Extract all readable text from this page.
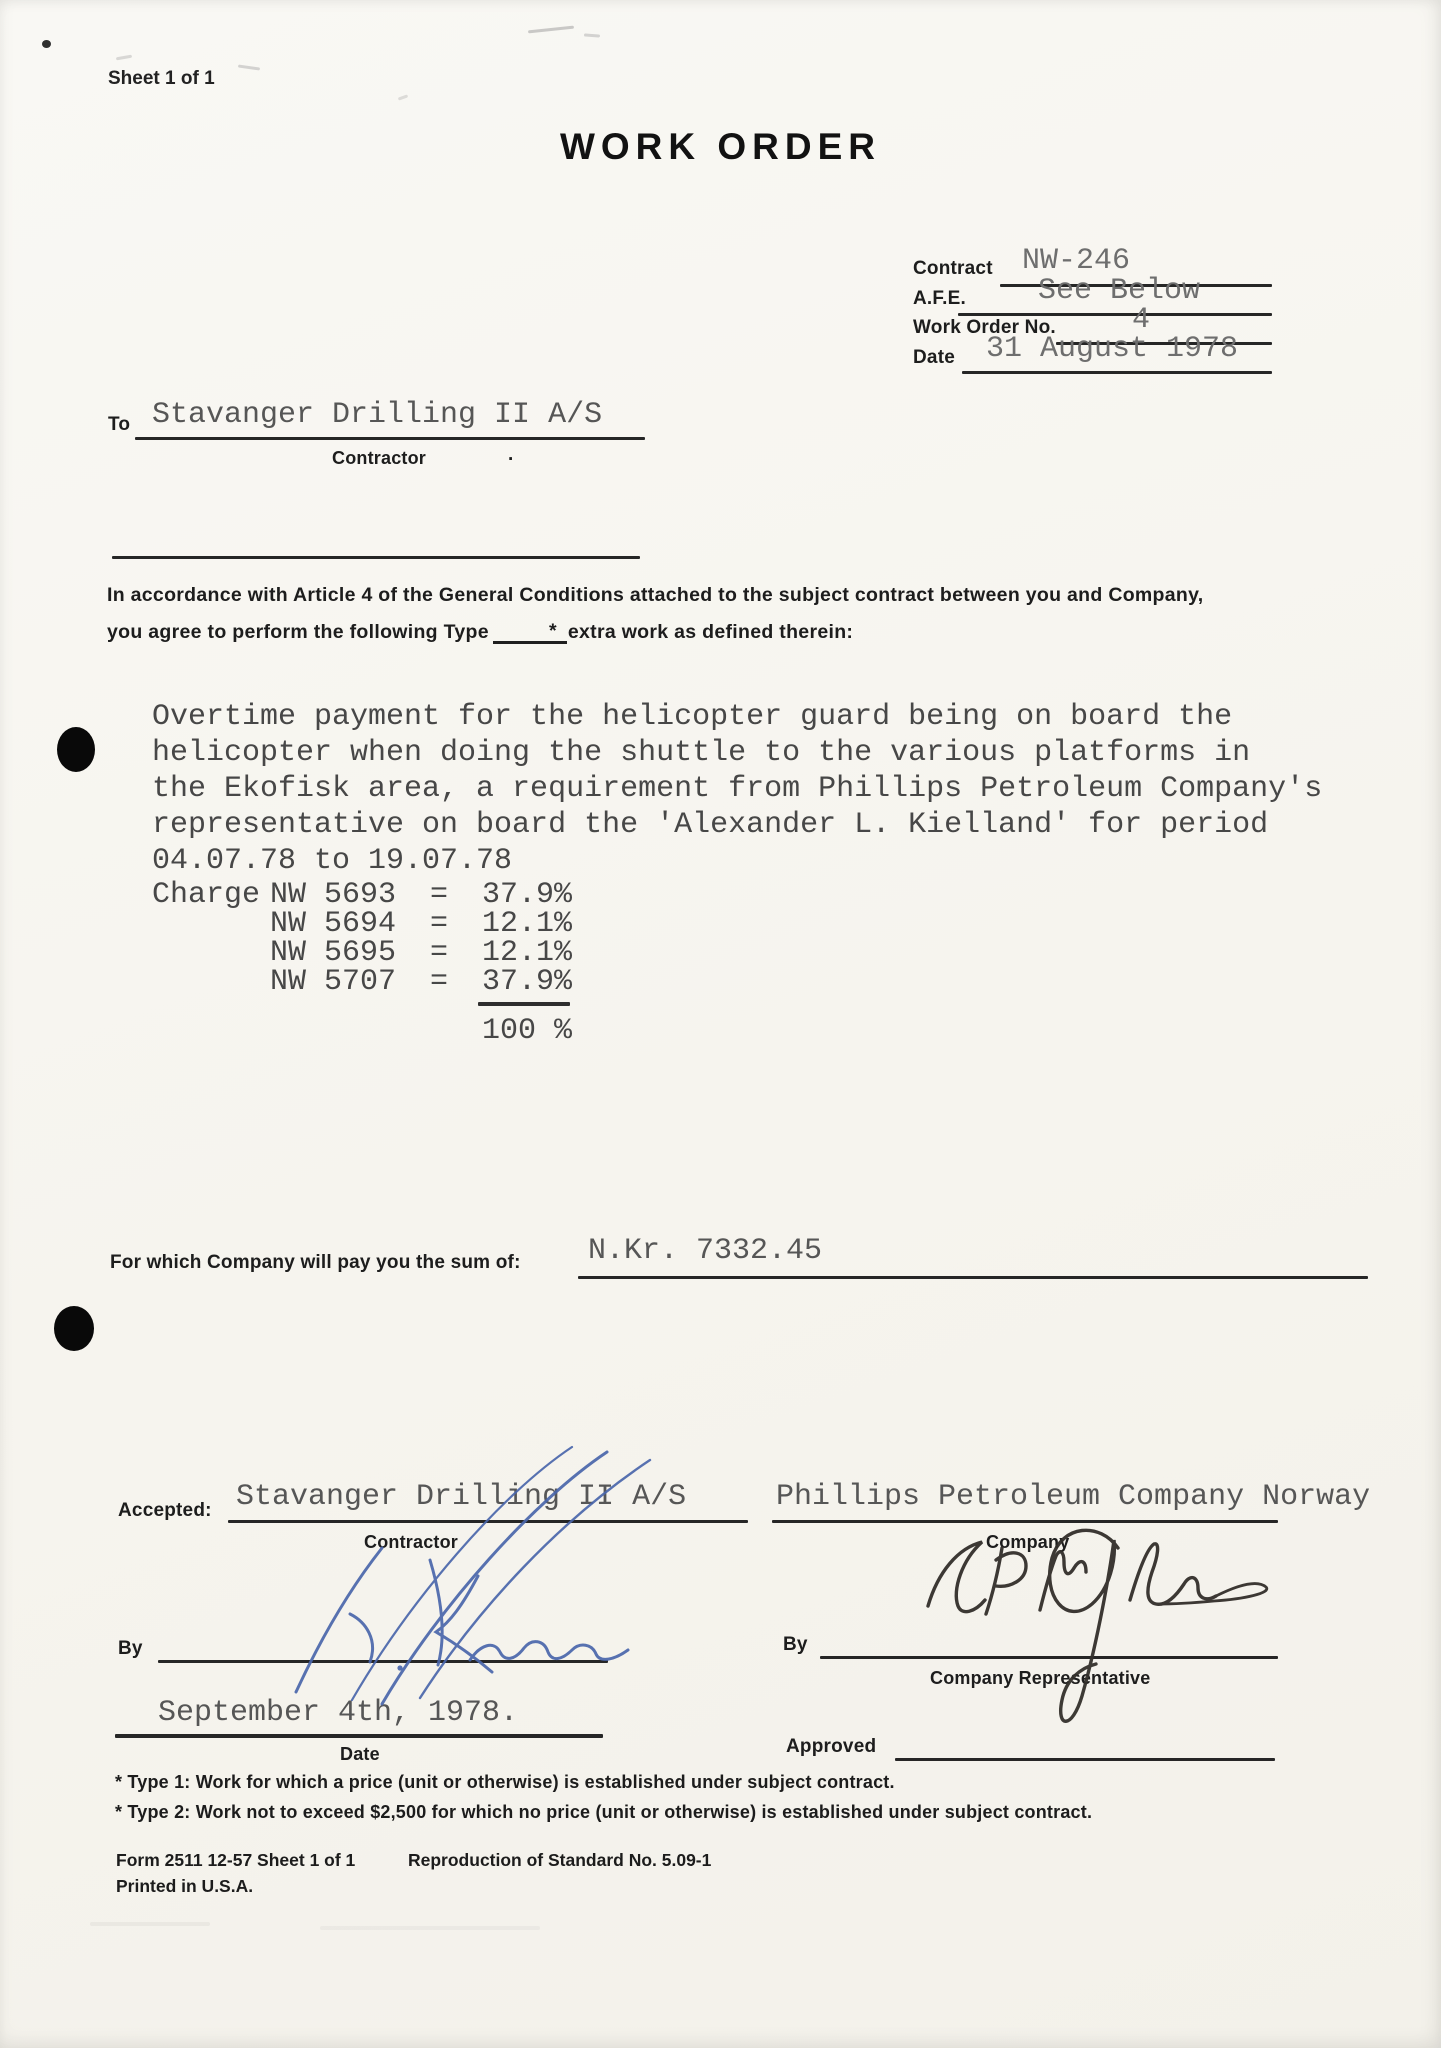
Sheet 1 of 1
WORK ORDER
Contract NW-246
A.F.E. See Below
Work Order No.	4
Date 31 August 1978
To Stavanger Drilling II A/S
Contractor	.
In accordance with Article 4 of the General Conditions attached to the subject contract between you and Company,
you agree to perform the following Type	* extra work as defined therein:
Overtime payment for the helicopter guard being on board the
helicopter when doing the shuttle to the various platforms in
the Ekofisk area, a requirement from Phillips Petroleum Company's
representative on board the 'Alexander L. Kielland' for period
04.07.78 to 19.07.78
Charge NW 5693 = 37.9%
NW 5694 = 12.1%
NW 5695 = 12.1%
NW 5707 = 37.9%
100 %
For which Company will pay you the sum of: N.Kr. 7332.45
Accepted: Stavanger Drilling II A/S
Contractor
Phillips Petroleum Company Norway
Company
By	By
Company Representative
September 4th, 1978.
Date	Approved
* Type 1: Work for which a price (unit or otherwise) is established under subject contract.
* Type 2: Work not to exceed $2,500 for which no price (unit or otherwise) is established under subject contract.
Form 2511 12-57 Sheet 1 of 1	Reproduction of Standard No. 5.09-1
Printed in U.S.A.
